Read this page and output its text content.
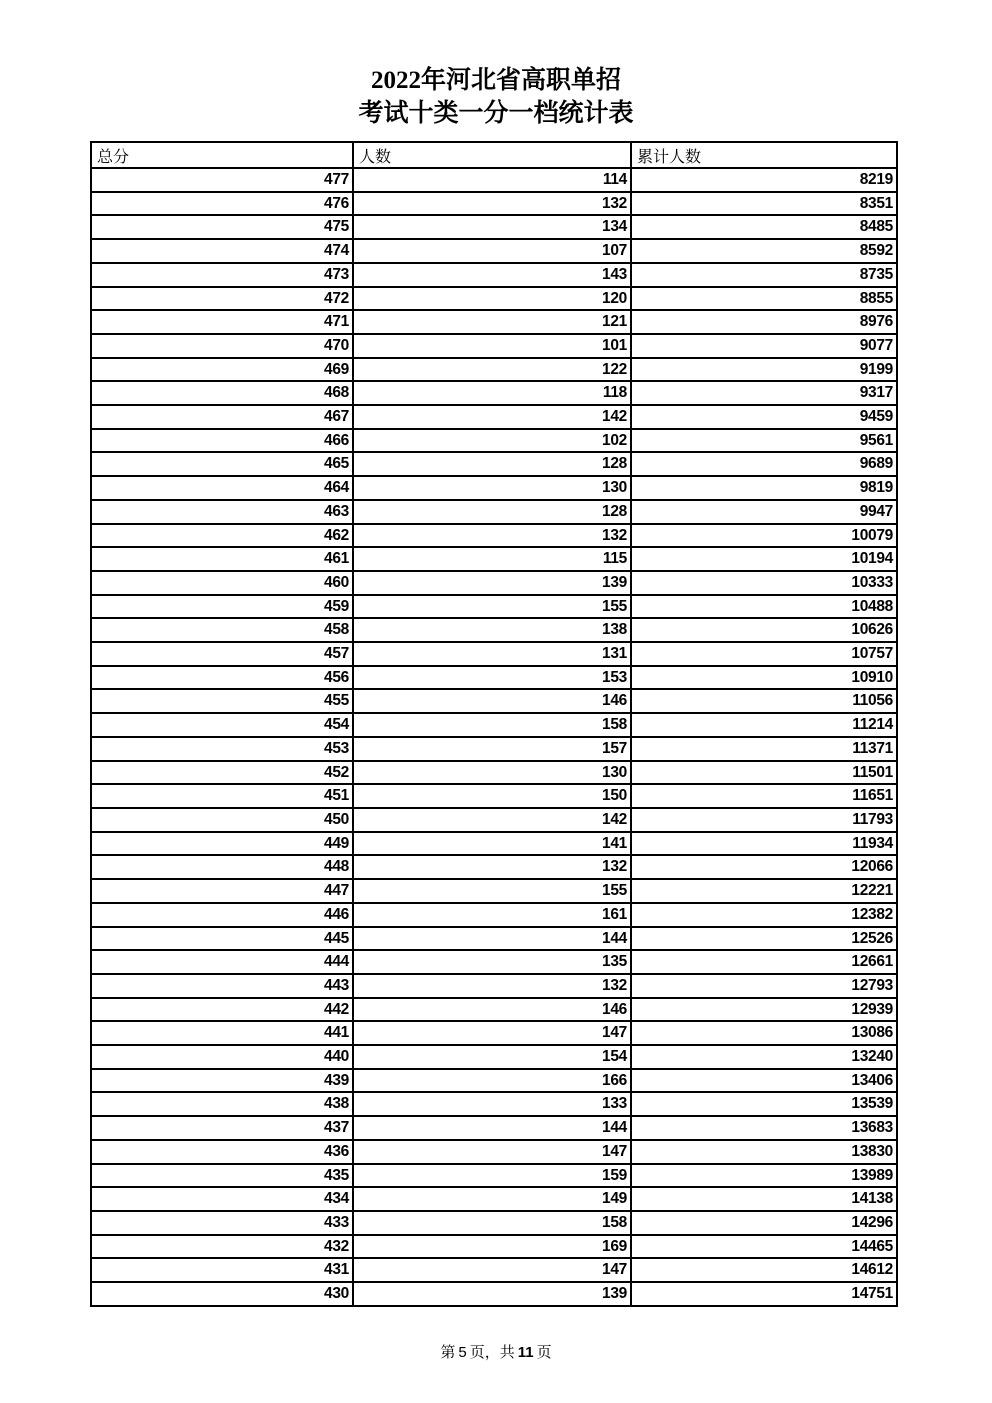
2022年河北省高职单招
考试十类一分一档统计表
总分	人数	累计人数
477	114	8219
476	132	8351
475	134	8485
474	107	8592
473	143	8735
472	120	8855
471	121	8976
470	101	9077
469	122	9199
468	118	9317
467	142	9459
466	102	9561
465	128	9689
464	130	9819
463	128	9947
462	132	10079
461	115	10194
460	139	10333
459	155	10488
458	138	10626
457	131	10757
456	153	10910
455	146	11056
454	158	11214
453	157	11371
452	130	11501
451	150	11651
450	142	11793
449	141	11934
448	132	12066
447	155	12221
446	161	12382
445	144	12526
444	135	12661
443	132	12793
442	146	12939
441	147	13086
440	154	13240
439	166	13406
438	133	13539
437	144	13683
436	147	13830
435	159	13989
434	149	14138
433	158	14296
432	169	14465
431	147	14612
430	139	14751
第 5 页，共 11 页
